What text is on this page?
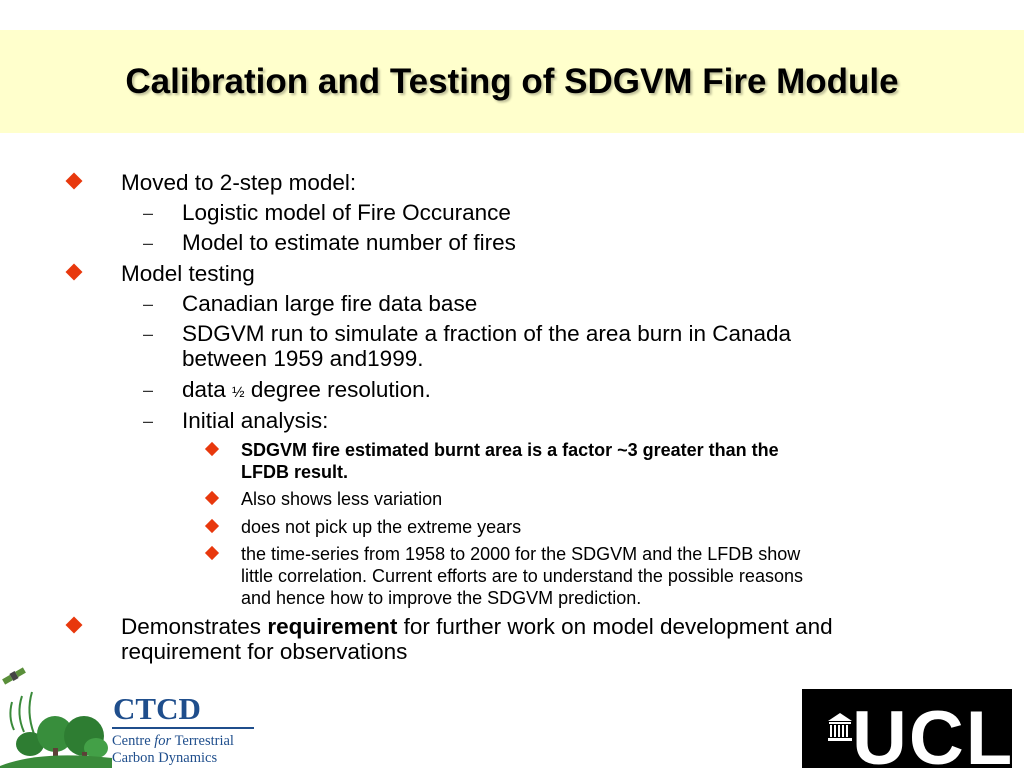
Calibration and Testing of SDGVM Fire Module
Moved to 2-step model:
– Logistic model of Fire Occurance
– Model to estimate number of fires
Model testing
– Canadian large fire data base
– SDGVM run to simulate a fraction of the area burn in Canada
between 1959 and1999.
– data ½ degree resolution.
– Initial analysis:
SDGVM fire estimated burnt area is a factor ~3 greater than the
LFDB result.
Also shows less variation
does not pick up the extreme years
the time-series from 1958 to 2000 for the SDGVM and the LFDB show
little correlation. Current efforts are to understand the possible reasons
and hence how to improve the SDGVM prediction.
Demonstrates requirement for further work on model development and
requirement for observations
CTCD
Centre for Terrestrial
Carbon Dynamics	UCL
